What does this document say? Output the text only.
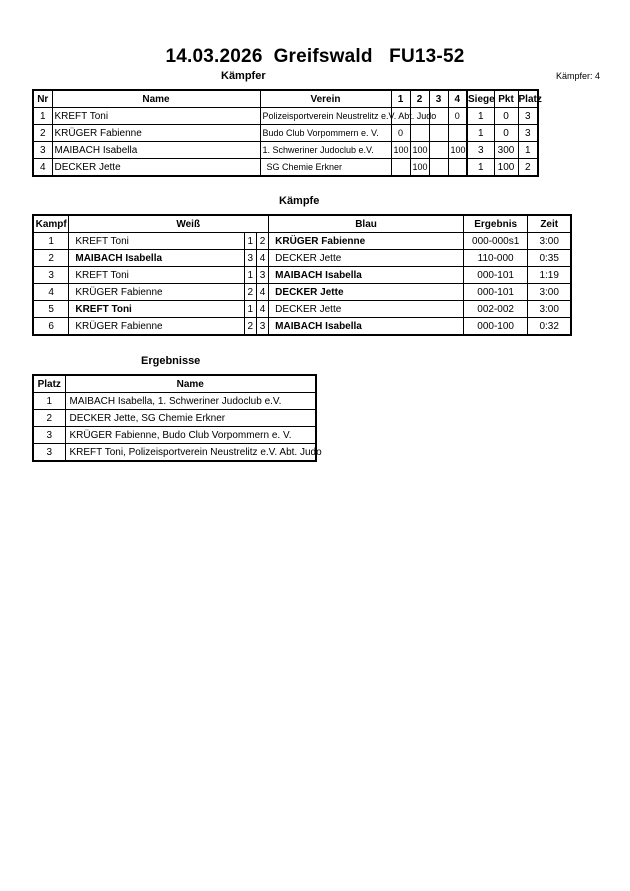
14.03.2026 Greifswald FU13-52
Kämpfer	Kämpfer: 4
Nr	Name	Verein	1	2	3	4	Siege	Pkt	Platz
1	KREFT Toni	Polizeisportverein Neustrelitz e.V. Abt. Judo				0	1	0	3
2	KRÜGER Fabienne	Budo Club Vorpommern e. V.	0				1	0	3
3	MAIBACH Isabella	1. Schweriner Judoclub e.V.	100	100		100	3	300	1
4	DECKER Jette	SG Chemie Erkner		100			1	100	2
Kämpfe
Kampf	Weiß			Blau	Ergebnis	Zeit
1	KREFT Toni	1	2	KRÜGER Fabienne	000-000s1	3:00
2	MAIBACH Isabella	3	4	DECKER Jette	110-000	0:35
3	KREFT Toni	1	3	MAIBACH Isabella	000-101	1:19
4	KRÜGER Fabienne	2	4	DECKER Jette	000-101	3:00
5	KREFT Toni	1	4	DECKER Jette	002-002	3:00
6	KRÜGER Fabienne	2	3	MAIBACH Isabella	000-100	0:32
Ergebnisse
Platz	Name
1	MAIBACH Isabella, 1. Schweriner Judoclub e.V.
2	DECKER Jette, SG Chemie Erkner
3	KRÜGER Fabienne, Budo Club Vorpommern e. V.
3	KREFT Toni, Polizeisportverein Neustrelitz e.V. Abt. Judo
